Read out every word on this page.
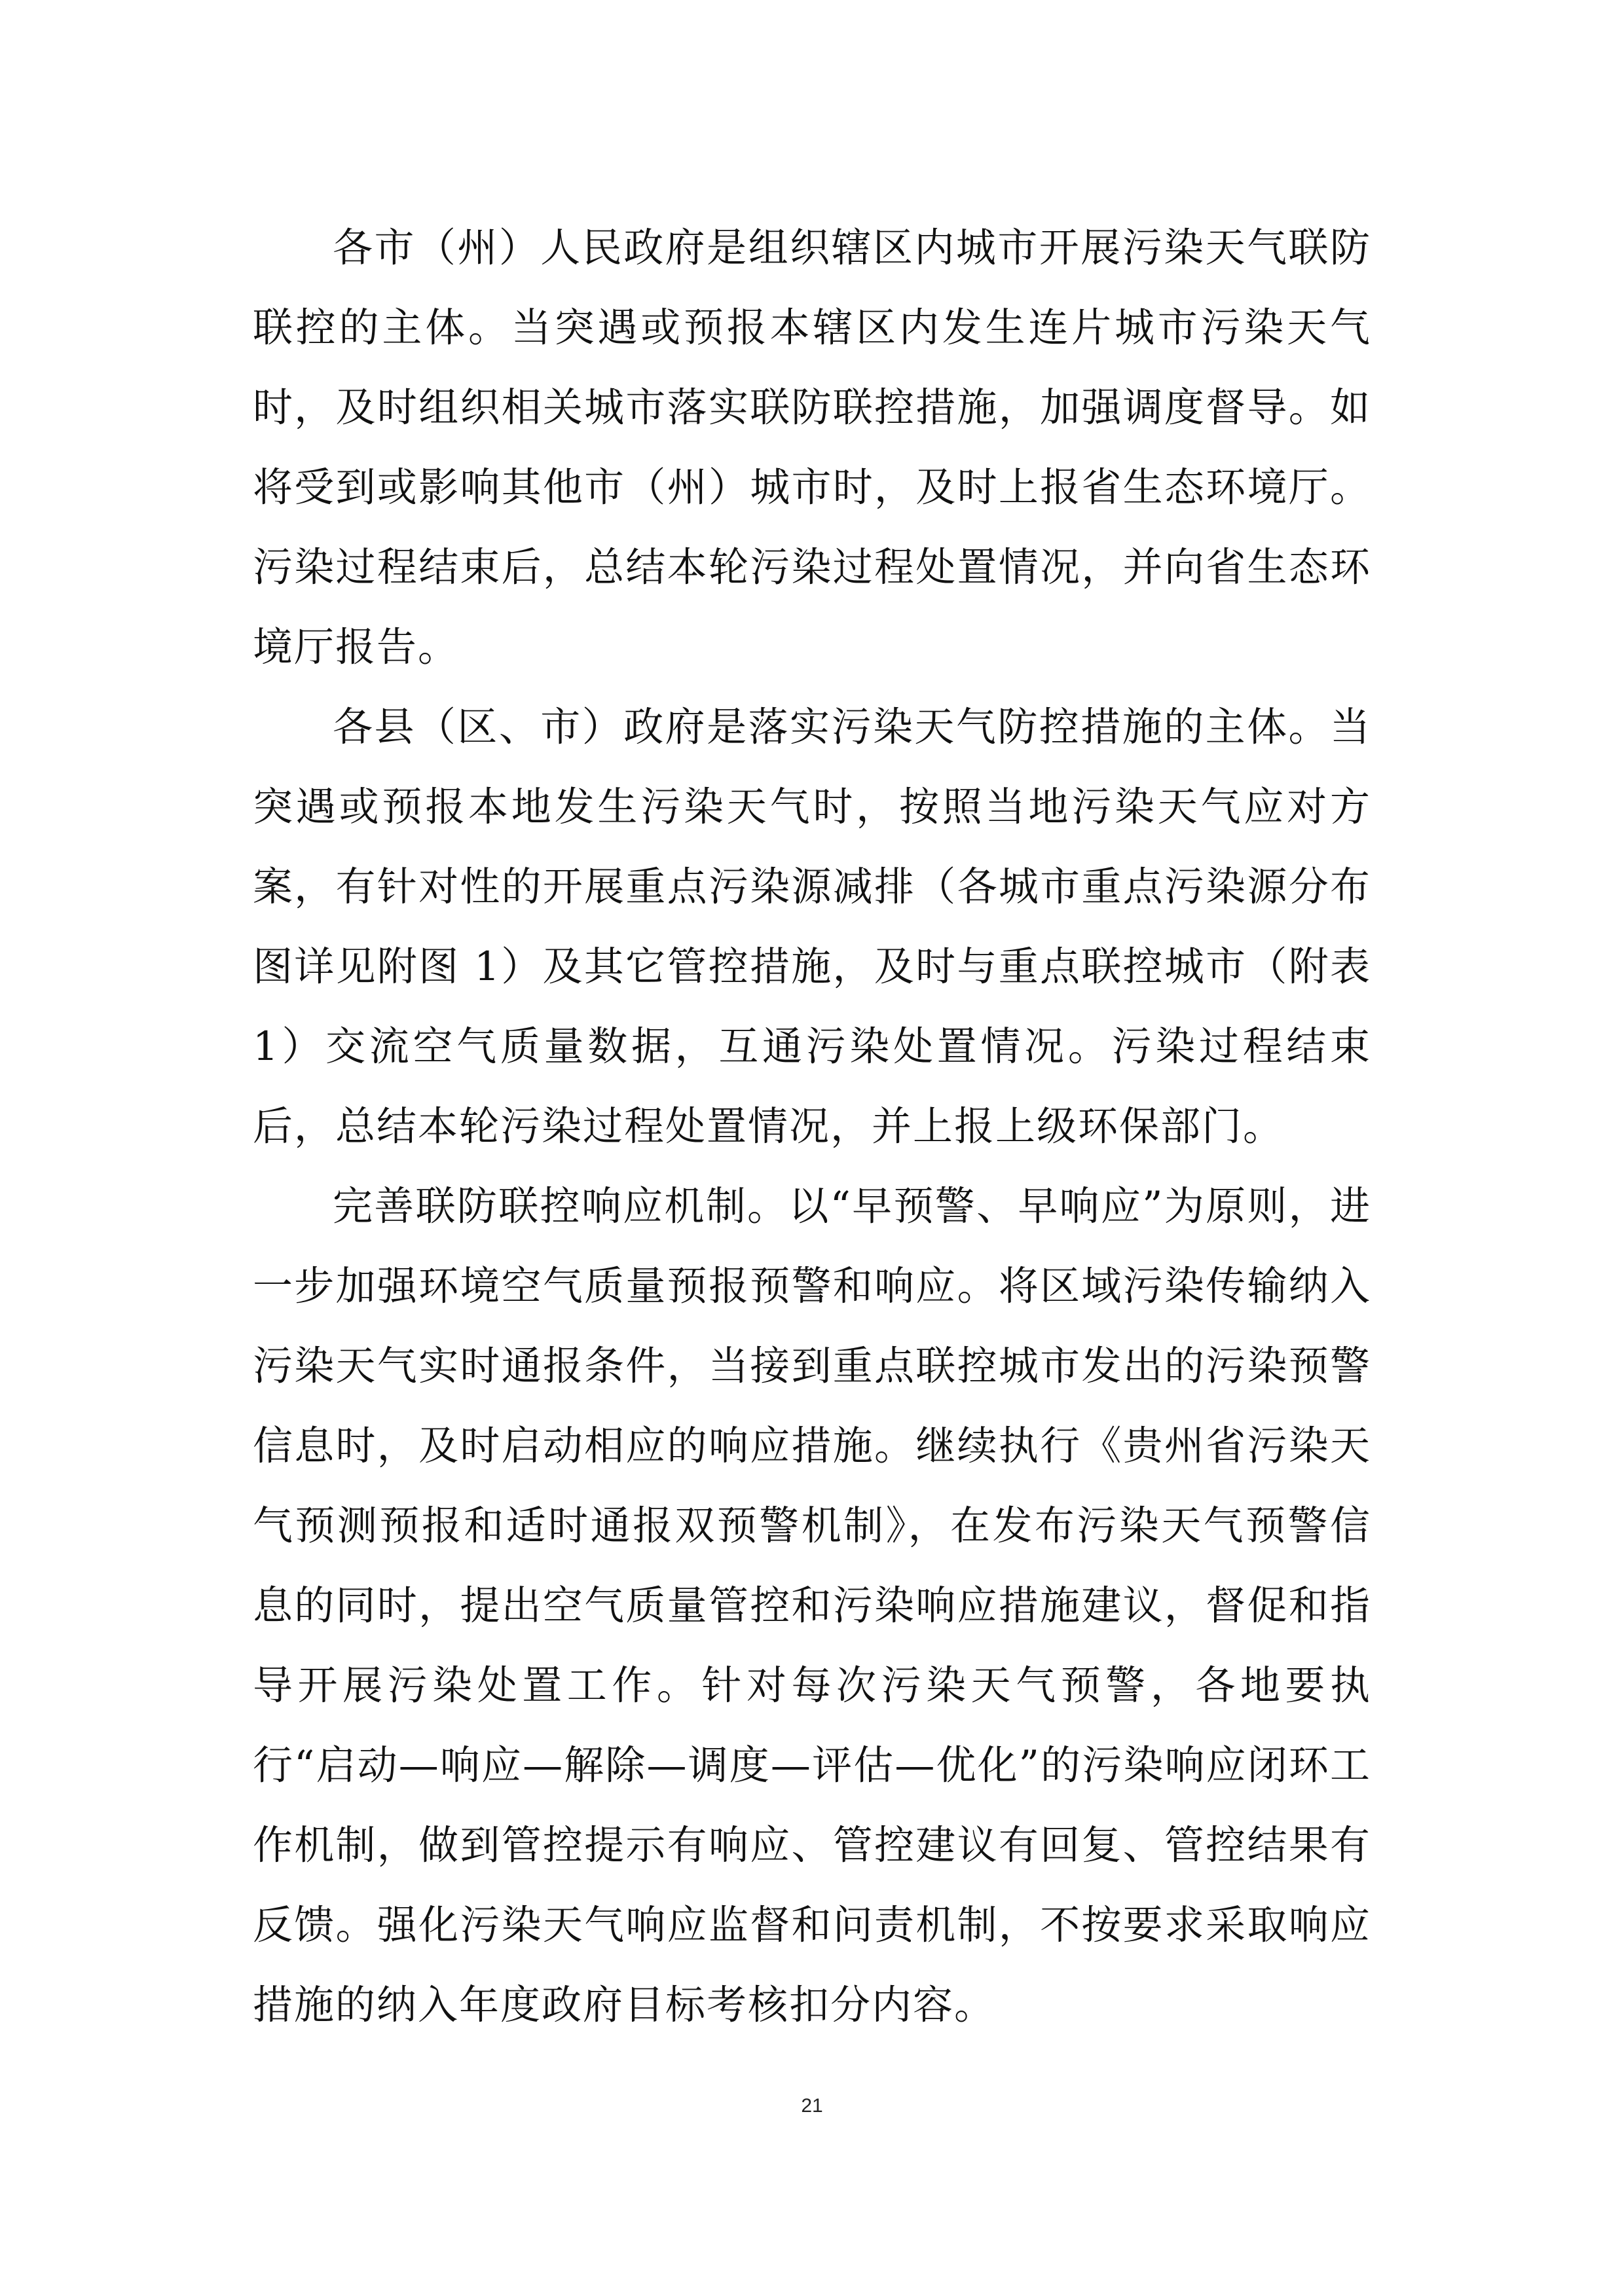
各市（州）人民政府是组织辖区内城市开展污染天气联防联控的主体。当突遇或预报本辖区内发生连片城市污染天气时，及时组织相关城市落实联防联控措施，加强调度督导。如将受到或影响其他市（州）城市时，及时上报省生态环境厅。污染过程结束后，总结本轮污染过程处置情况，并向省生态环境厅报告。

各县（区、市）政府是落实污染天气防控措施的主体。当突遇或预报本地发生污染天气时，按照当地污染天气应对方案，有针对性的开展重点污染源减排（各城市重点污染源分布图详见附图 1）及其它管控措施，及时与重点联控城市（附表 1）交流空气质量数据，互通污染处置情况。污染过程结束后，总结本轮污染过程处置情况，并上报上级环保部门。

完善联防联控响应机制。以“早预警、早响应”为原则，进一步加强环境空气质量预报预警和响应。将区域污染传输纳入污染天气实时通报条件，当接到重点联控城市发出的污染预警信息时，及时启动相应的响应措施。继续执行《贵州省污染天气预测预报和适时通报双预警机制》，在发布污染天气预警信息的同时，提出空气质量管控和污染响应措施建议，督促和指导开展污染处置工作。针对每次污染天气预警，各地要执行“启动—响应—解除—调度—评估—优化”的污染响应闭环工作机制，做到管控提示有响应、管控建议有回复、管控结果有反馈。强化污染天气响应监督和问责机制，不按要求采取响应措施的纳入年度政府目标考核扣分内容。

21
